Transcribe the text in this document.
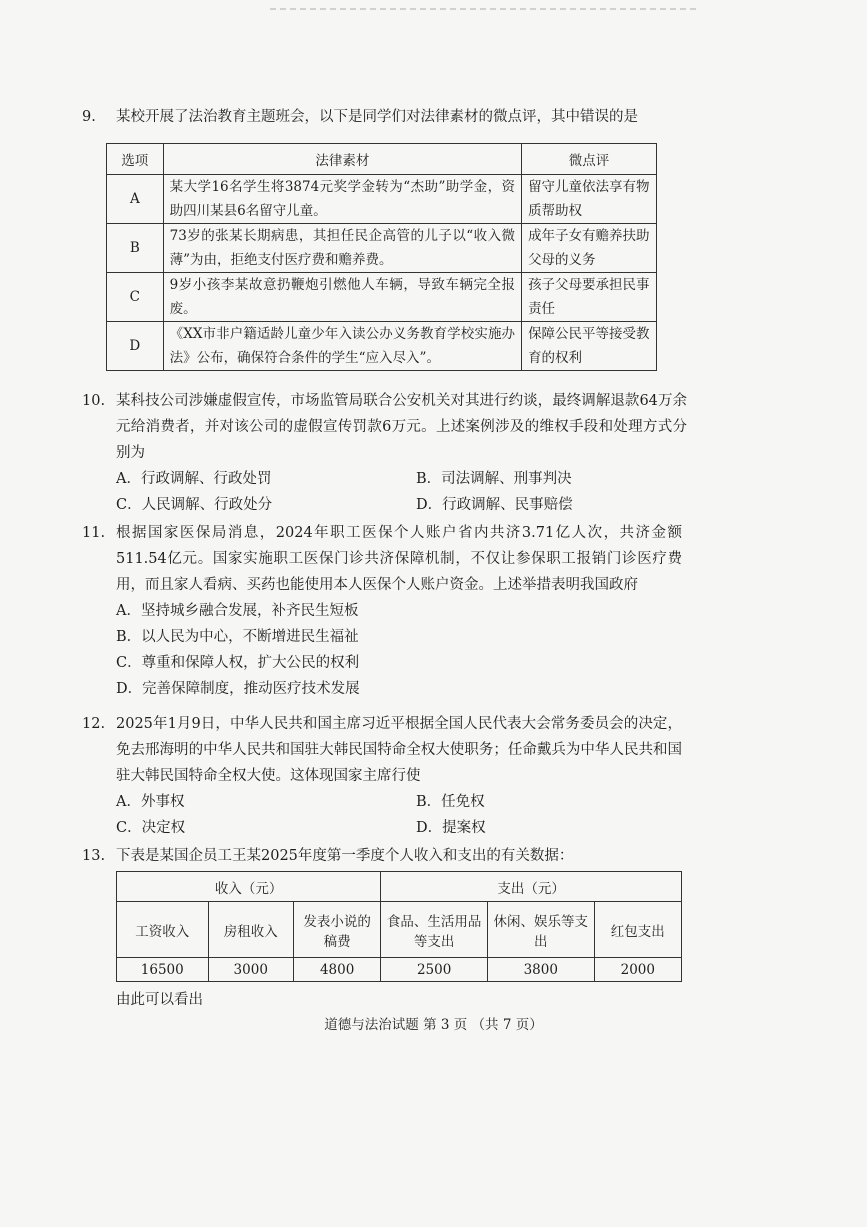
9. 某校开展了法治教育主题班会，以下是同学们对法律素材的微点评，其中错误的是
选项	法律素材	微点评
A	某大学16名学生将3874元奖学金转为“杰助”助学金，资助四川某县6名留守儿童。	留守儿童依法享有物质帮助权
B	73岁的张某长期病患，其担任民企高管的儿子以“收入微薄”为由，拒绝支付医疗费和赡养费。	成年子女有赡养扶助父母的义务
C	9岁小孩李某故意扔鞭炮引燃他人车辆，导致车辆完全报废。	孩子父母要承担民事责任
D	《XX市非户籍适龄儿童少年入读公办义务教育学校实施办法》公布，确保符合条件的学生“应入尽入”。	保障公民平等接受教育的权利
10. 某科技公司涉嫌虚假宣传，市场监管局联合公安机关对其进行约谈，最终调解退款64万余元给消费者，并对该公司的虚假宣传罚款6万元。上述案例涉及的维权手段和处理方式分别为
A．行政调解、行政处罚	B．司法调解、刑事判决
C．人民调解、行政处分	D．行政调解、民事赔偿
11. 根据国家医保局消息，2024年职工医保个人账户省内共济3.71亿人次，共济金额511.54亿元。国家实施职工医保门诊共济保障机制，不仅让参保职工报销门诊医疗费用，而且家人看病、买药也能使用本人医保个人账户资金。上述举措表明我国政府
A．坚持城乡融合发展，补齐民生短板
B．以人民为中心，不断增进民生福祉
C．尊重和保障人权，扩大公民的权利
D．完善保障制度，推动医疗技术发展
12. 2025年1月9日，中华人民共和国主席习近平根据全国人民代表大会常务委员会的决定，免去邢海明的中华人民共和国驻大韩民国特命全权大使职务；任命戴兵为中华人民共和国驻大韩民国特命全权大使。这体现国家主席行使
A．外事权	B．任免权
C．决定权	D．提案权
13. 下表是某国企员工王某2025年度第一季度个人收入和支出的有关数据：
收入（元）			支出（元）		
工资收入	房租收入	发表小说的稿费	食品、生活用品等支出	休闲、娱乐等支出	红包支出
16500	3000	4800	2500	3800	2000
由此可以看出
道德与法治试题 第 3 页 （共 7 页）
